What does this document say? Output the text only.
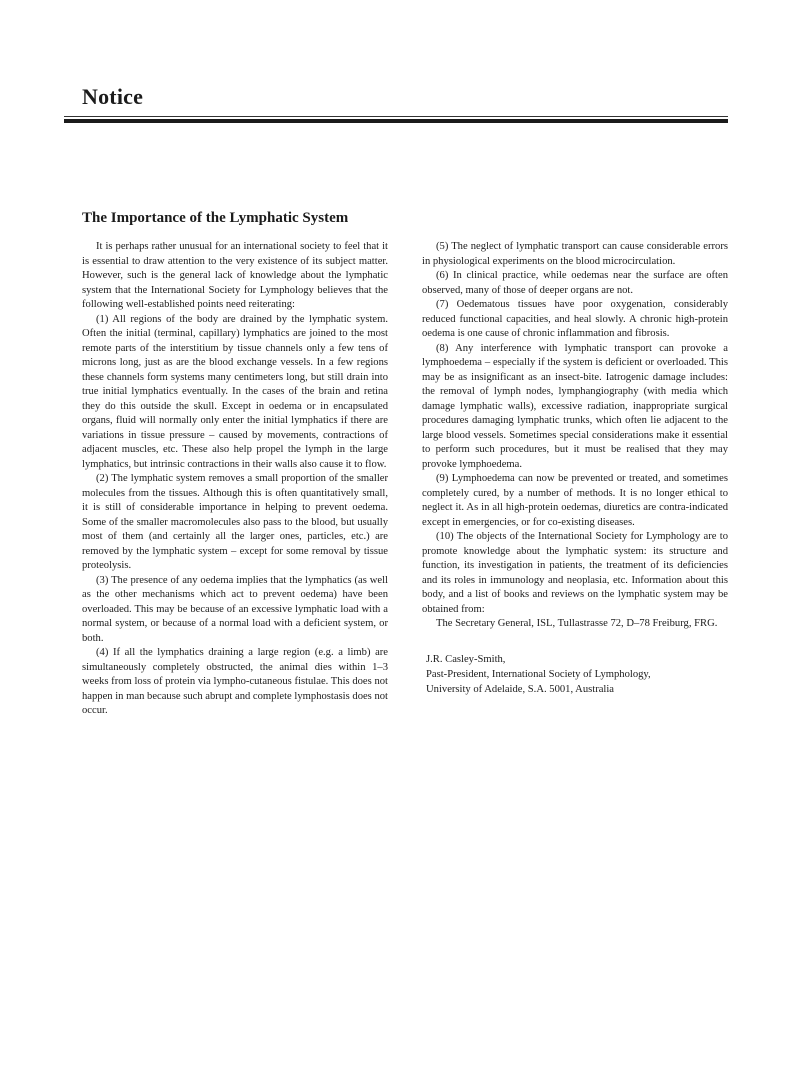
Notice
The Importance of the Lymphatic System

It is perhaps rather unusual for an international society to feel that it is essential to draw attention to the very existence of its subject matter. However, such is the general lack of knowledge about the lymphatic system that the International Society for Lymphology believes that the following well-established points need reiterating:

(1) All regions of the body are drained by the lymphatic system. Often the initial (terminal, capillary) lymphatics are joined to the most remote parts of the interstitium by tissue channels only a few tens of microns long, just as are the blood exchange vessels. In a few regions these channels form systems many centimeters long, but still drain into true initial lymphatics eventually. In the cases of the brain and retina they do this outside the skull. Except in oedema or in encapsulated organs, fluid will normally only enter the initial lymphatics if there are variations in tissue pressure – caused by movements, contractions of adjacent muscles, etc. These also help propel the lymph in the large lymphatics, but intrinsic contractions in their walls also cause it to flow.

(2) The lymphatic system removes a small proportion of the smaller molecules from the tissues. Although this is often quantitatively small, it is still of considerable importance in helping to prevent oedema. Some of the smaller macromolecules also pass to the blood, but usually most of them (and certainly all the larger ones, particles, etc.) are removed by the lymphatic system – except for some removal by tissue proteolysis.

(3) The presence of any oedema implies that the lymphatics (as well as the other mechanisms which act to prevent oedema) have been overloaded. This may be because of an excessive lymphatic load with a normal system, or because of a normal load with a deficient system, or both.

(4) If all the lymphatics draining a large region (e.g. a limb) are simultaneously completely obstructed, the animal dies within 1–3 weeks from loss of protein via lympho-cutaneous fistulae. This does not happen in man because such abrupt and complete lymphostasis does not occur.

(5) The neglect of lymphatic transport can cause considerable errors in physiological experiments on the blood microcirculation.

(6) In clinical practice, while oedemas near the surface are often observed, many of those of deeper organs are not.

(7) Oedematous tissues have poor oxygenation, considerably reduced functional capacities, and heal slowly. A chronic high-protein oedema is one cause of chronic inflammation and fibrosis.

(8) Any interference with lymphatic transport can provoke a lymphoedema – especially if the system is deficient or overloaded. This may be as insignificant as an insect-bite. Iatrogenic damage includes: the removal of lymph nodes, lymphangiography (with media which damage lymphatic walls), excessive radiation, inappropriate surgical procedures damaging lymphatic trunks, which often lie adjacent to the large blood vessels. Sometimes special considerations make it essential to perform such procedures, but it must be realised that they may provoke lymphoedema.

(9) Lymphoedema can now be prevented or treated, and sometimes completely cured, by a number of methods. It is no longer ethical to neglect it. As in all high-protein oedemas, diuretics are contra-indicated except in emergencies, or for co-existing diseases.

(10) The objects of the International Society for Lymphology are to promote knowledge about the lymphatic system: its structure and function, its investigation in patients, the treatment of its deficiencies and its roles in immunology and neoplasia, etc. Information about this body, and a list of books and reviews on the lymphatic system may be obtained from:

The Secretary General, ISL, Tullastrasse 72, D–78 Freiburg, FRG.

J.R. Casley-Smith,
Past-President, International Society of Lymphology,
University of Adelaide, S.A. 5001, Australia
